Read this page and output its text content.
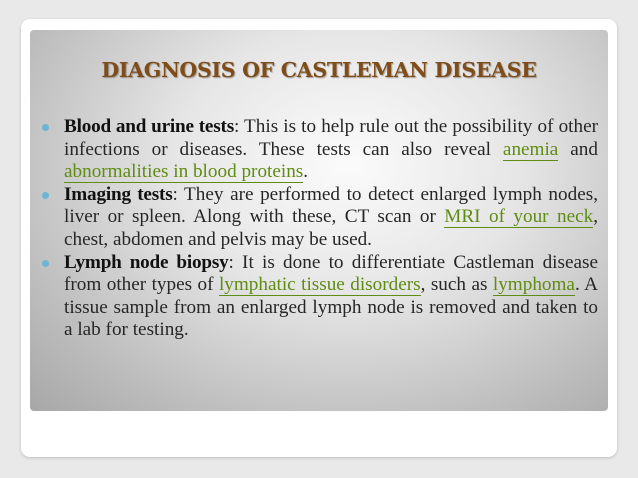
DIAGNOSIS OF CASTLEMAN DISEASE
Blood and urine tests: This is to help rule out the possibility of other infections or diseases. These tests can also reveal anemia and abnormalities in blood proteins.
Imaging tests: They are performed to detect enlarged lymph nodes, liver or spleen. Along with these, CT scan or MRI of your neck, chest, abdomen and pelvis may be used.
Lymph node biopsy: It is done to differentiate Castleman disease from other types of lymphatic tissue disorders, such as lymphoma. A tissue sample from an enlarged lymph node is removed and taken to a lab for testing.
